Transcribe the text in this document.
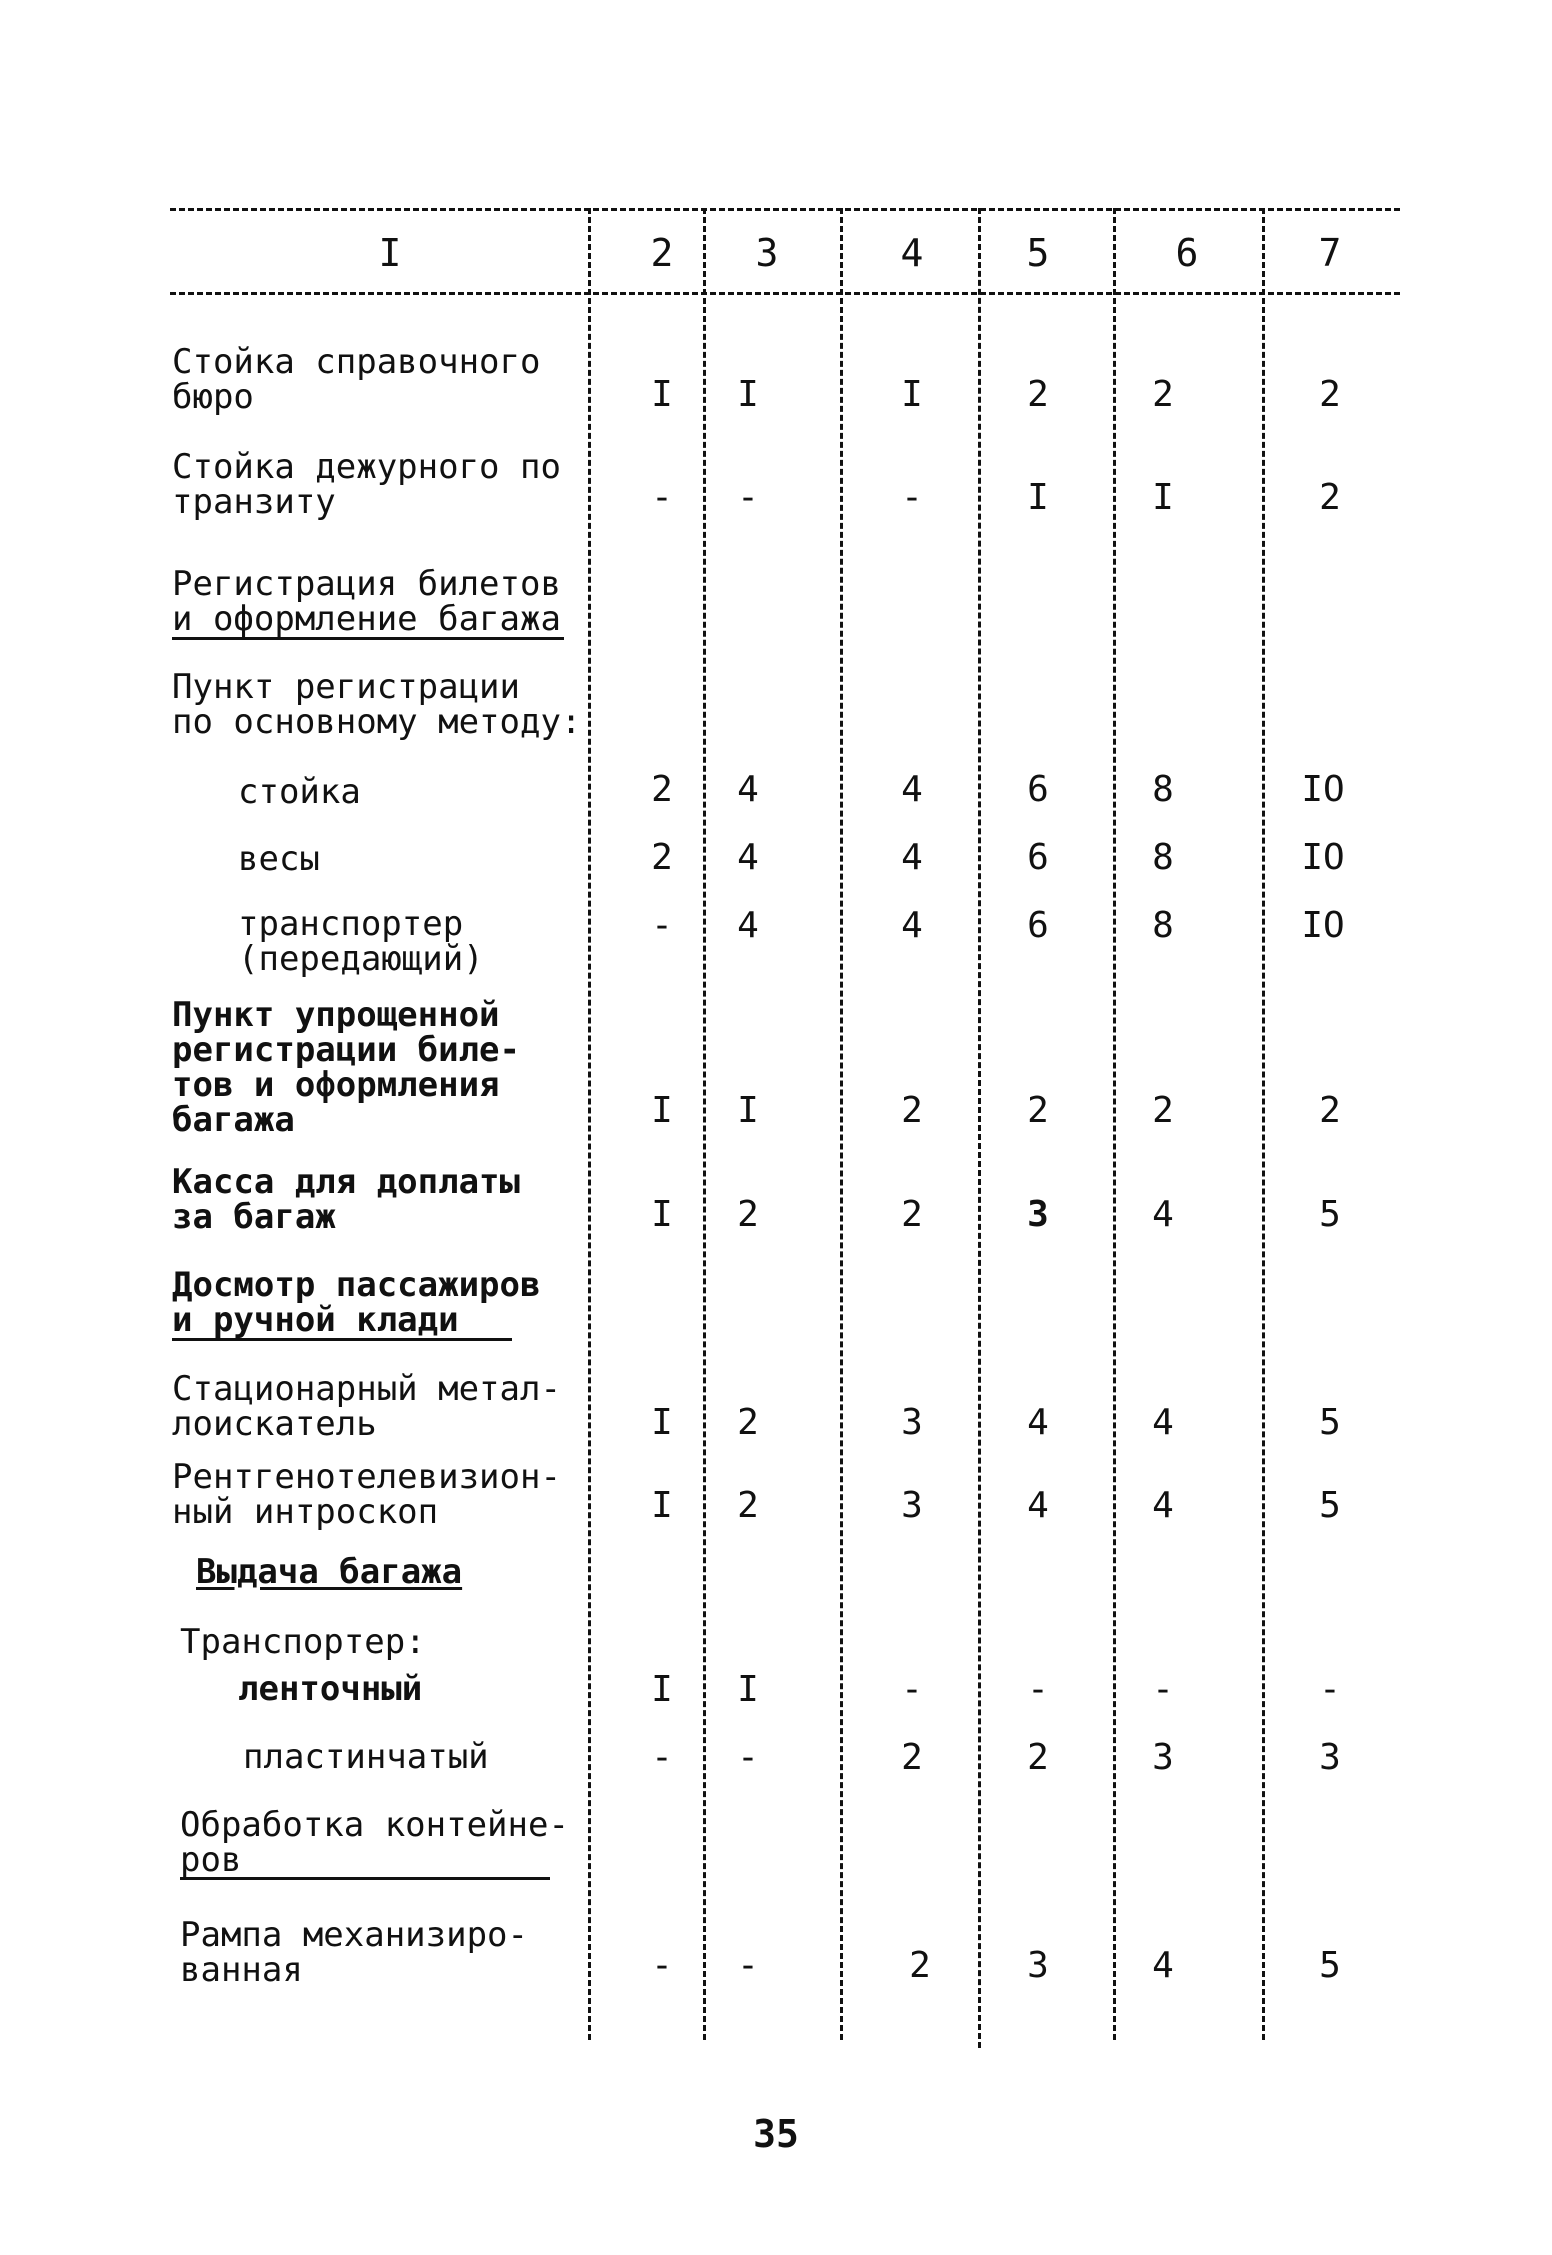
I	2	3	4	5	6	7
Стойка справочного
бюро	I	I	I	2	2	2
Стойка дежурного по
транзиту	-	-	-	I	I	2
Регистрация билетов
и оформление багажа
Пункт регистрации
по основному методу:
стойка	2	4	4	6	8	IO
весы	2	4	4	6	8	IO
транспортер
(передающий)
-	4	4	6	8	IO
Пункт упрощенной
регистрации биле-
тов и оформления
багажа	I	I	2	2	2	2
Касса для доплаты
за багаж	I	2	2	3	4	5
Досмотр пассажиров
и ручной клади
Стационарный метал-
лоискатель	I	2	3	4	4	5
Рентгенотелевизион-
ный интроскоп	I	2	3	4	4	5
Выдача багажа
Транспортер:
ленточный	I	I	-	-	-	-
пластинчатый	-	-	2	2	3	3
Обработка контейне-
ров
Рампа механизиро-
ванная	-	-	2	3	4	5
35
